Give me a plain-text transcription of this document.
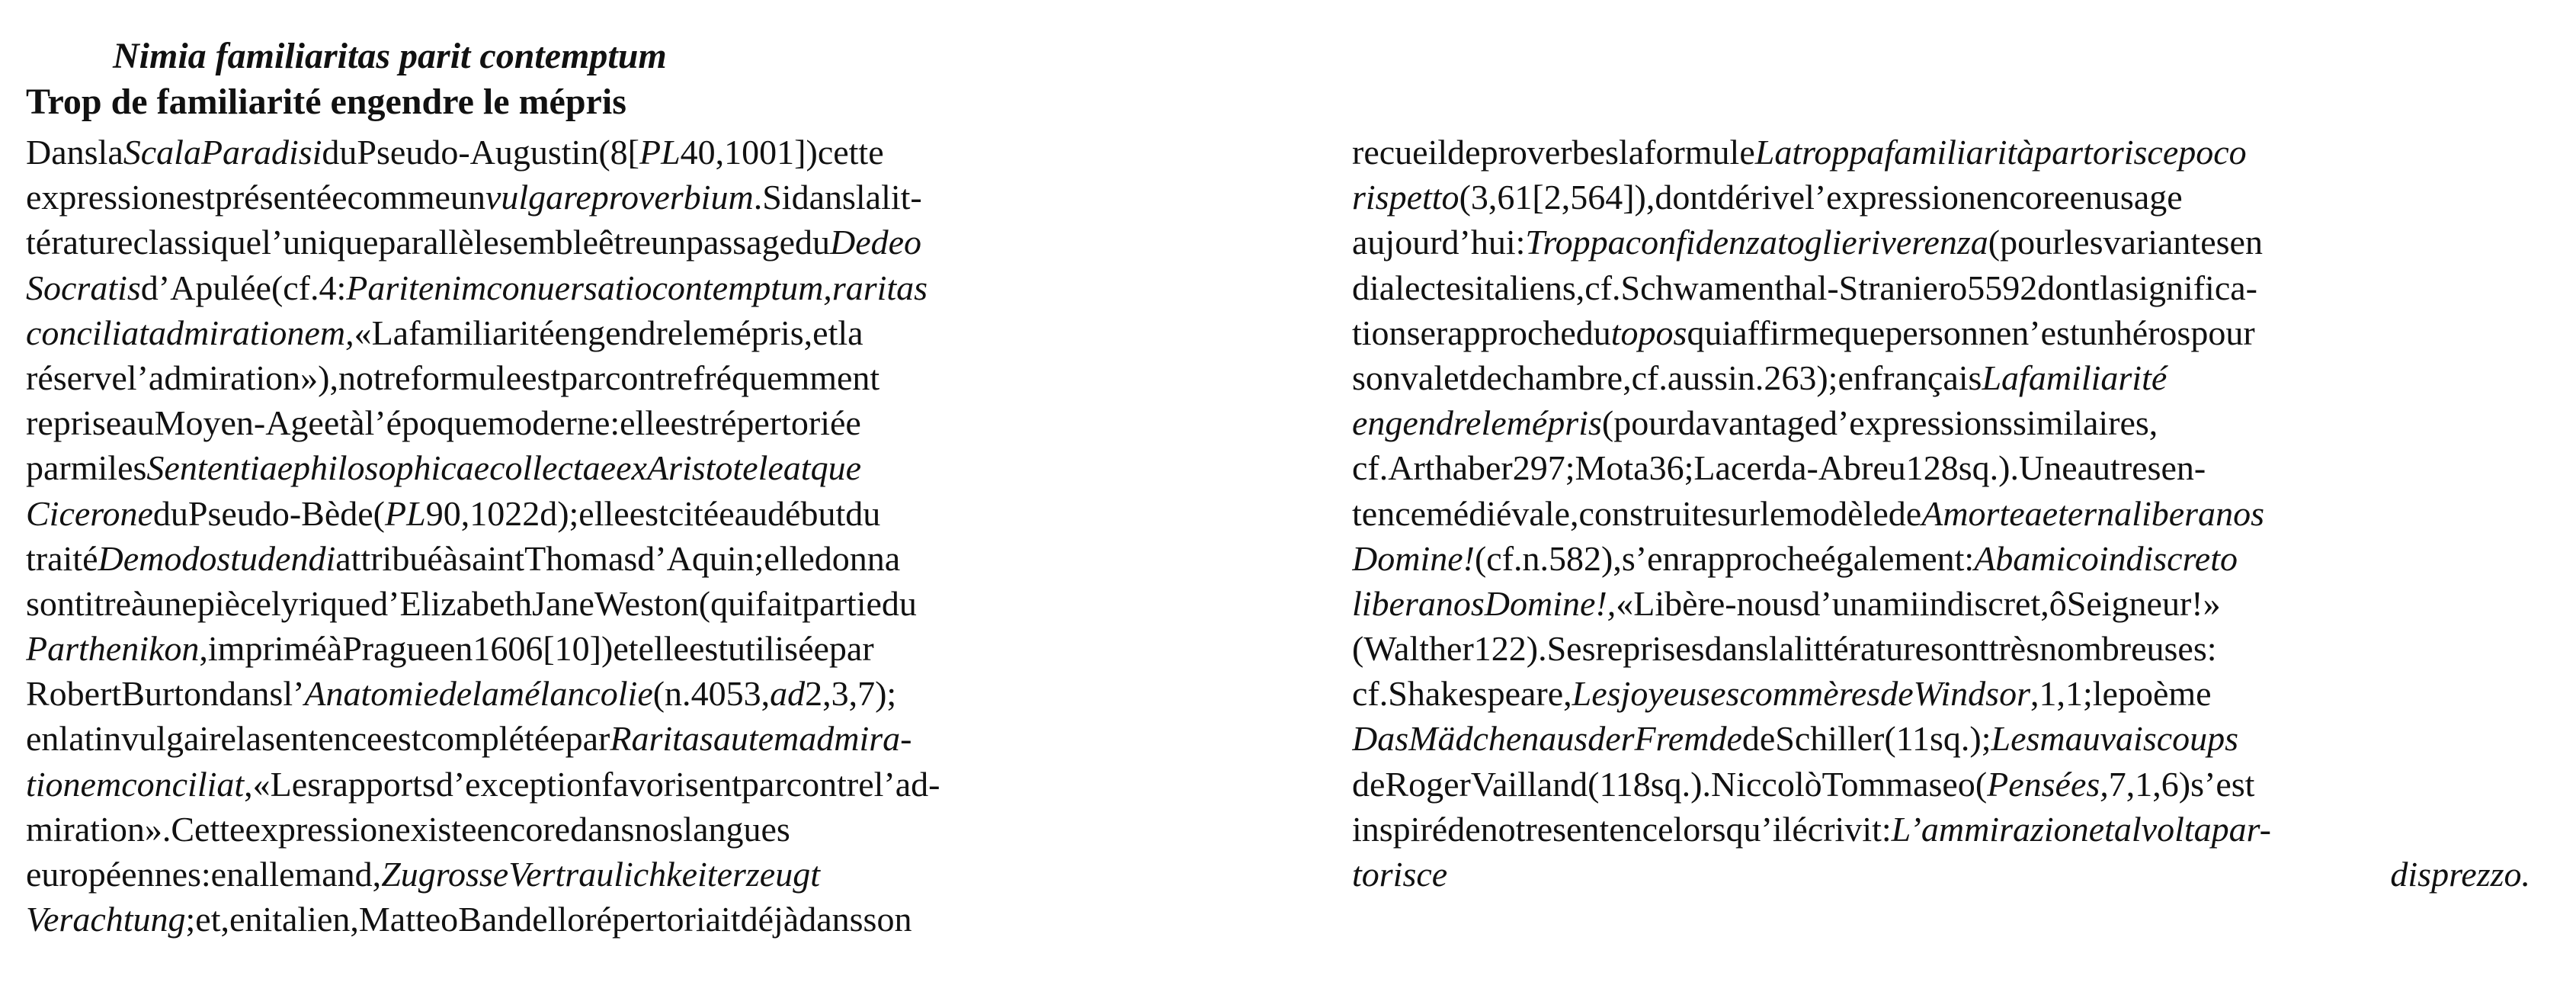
Nimia familiaritas parit contemptum
Trop de familiarité engendre le mépris
DanslaScalaParadisiduPseudo-Augustin(8[PL40,1001])cette
expressionestprésentéecommeunvulgareproverbium.Sidanslalit-
tératureclassiquel’uniqueparallèlesembleêtreunpassageduDedeo
Socratisd’Apulée(cf.4:Paritenimconuersatiocontemptum,raritas
conciliatadmirationem,«Lafamiliaritéengendrelemépris,etla
réservel’admiration»),notreformuleestparcontrefréquemment
repriseauMoyen-Ageetàl’époquemoderne:elleestrépertoriée
parmilesSententiaephilosophicaecollectaeexAristoteleatque
CiceroneduPseudo-Bède(PL90,1022d);elleestcitéeaudébutdu
traitéDemodostudendiattribuéàsaintThomasd’Aquin;elledonna
sontitreàunepiècelyriqued’ElizabethJaneWeston(quifaitpartiedu
Parthenikon,impriméàPragueen1606[10])etelleestutiliséepar
RobertBurtondansl’Anatomiedelamélancolie(n.4053,ad2,3,7);
enlatinvulgairelasentenceestcomplétéeparRaritasautemadmira-
tionemconciliat,«Lesrapportsd’exceptionfavorisentparcontrel’ad-
miration».Cetteexpressionexisteencoredansnoslangues
européennes:enallemand,ZugrosseVertraulichkeiterzeugt
Verachtung;et,enitalien,MatteoBandellorépertoriaitdéjàdansson
recueildeproverbeslaformuleLatroppafamiliaritàpartoriscepoco
rispetto(3,61[2,564]),dontdérivel’expressionencoreenusage
aujourd’hui:Troppaconfidenzatoglieriverenza(pourlesvariantesen
dialectesitaliens,cf.Schwamenthal-Straniero5592dontlasignifica-
tionserapprochedutoposquiaffirmequepersonnen’estunhérospour
sonvaletdechambre,cf.aussin.263);enfrançaisLafamiliarité
engendrelemépris(pourdavantaged’expressionssimilaires,
cf.Arthaber297;Mota36;Lacerda-Abreu128sq.).Uneautresen-
tencemédiévale,construitesurlemodèledeAmorteaeternaliberanos
Domine!(cf.n.582),s’enrapprocheégalement:Abamicoindiscreto
liberanosDomine!,«Libère-nousd’unamiindiscret,ôSeigneur!»
(Walther122).Sesreprisesdanslalittératuresonttrèsnombreuses:
cf.Shakespeare,LesjoyeusescommèresdeWindsor,1,1;lepoème
DasMädchenausderFremdedeSchiller(11sq.);Lesmauvaiscoups
deRogerVailland(118sq.).NiccolòTommaseo(Pensées,7,1,6)s’est
inspirédenotresentencelorsqu’ilécrivit:L’ammirazionetalvoltapar-
torisce disprezzo.
